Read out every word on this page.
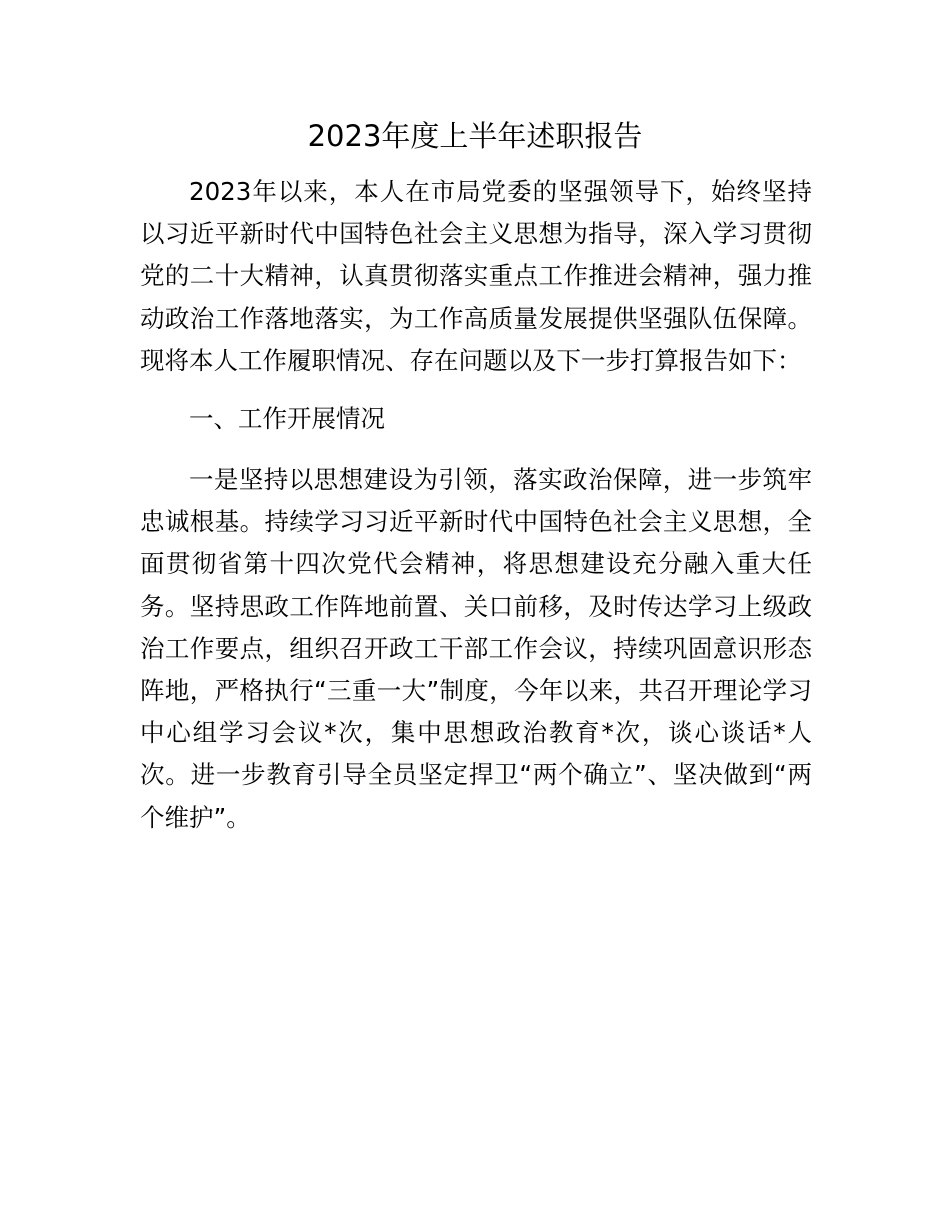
2023年度上半年述职报告

2023年以来，本人在市局党委的坚强领导下，始终坚持以习近平新时代中国特色社会主义思想为指导，深入学习贯彻党的二十大精神，认真贯彻落实重点工作推进会精神，强力推动政治工作落地落实，为工作高质量发展提供坚强队伍保障。现将本人工作履职情况、存在问题以及下一步打算报告如下：

一、工作开展情况

一是坚持以思想建设为引领，落实政治保障，进一步筑牢忠诚根基。持续学习习近平新时代中国特色社会主义思想，全面贯彻省第十四次党代会精神，将思想建设充分融入重大任务。坚持思政工作阵地前置、关口前移，及时传达学习上级政治工作要点，组织召开政工干部工作会议，持续巩固意识形态阵地，严格执行“三重一大”制度，今年以来，共召开理论学习中心组学习会议*次，集中思想政治教育*次，谈心谈话*人次。进一步教育引导全员坚定捍卫“两个确立”、坚决做到“两个维护”。
